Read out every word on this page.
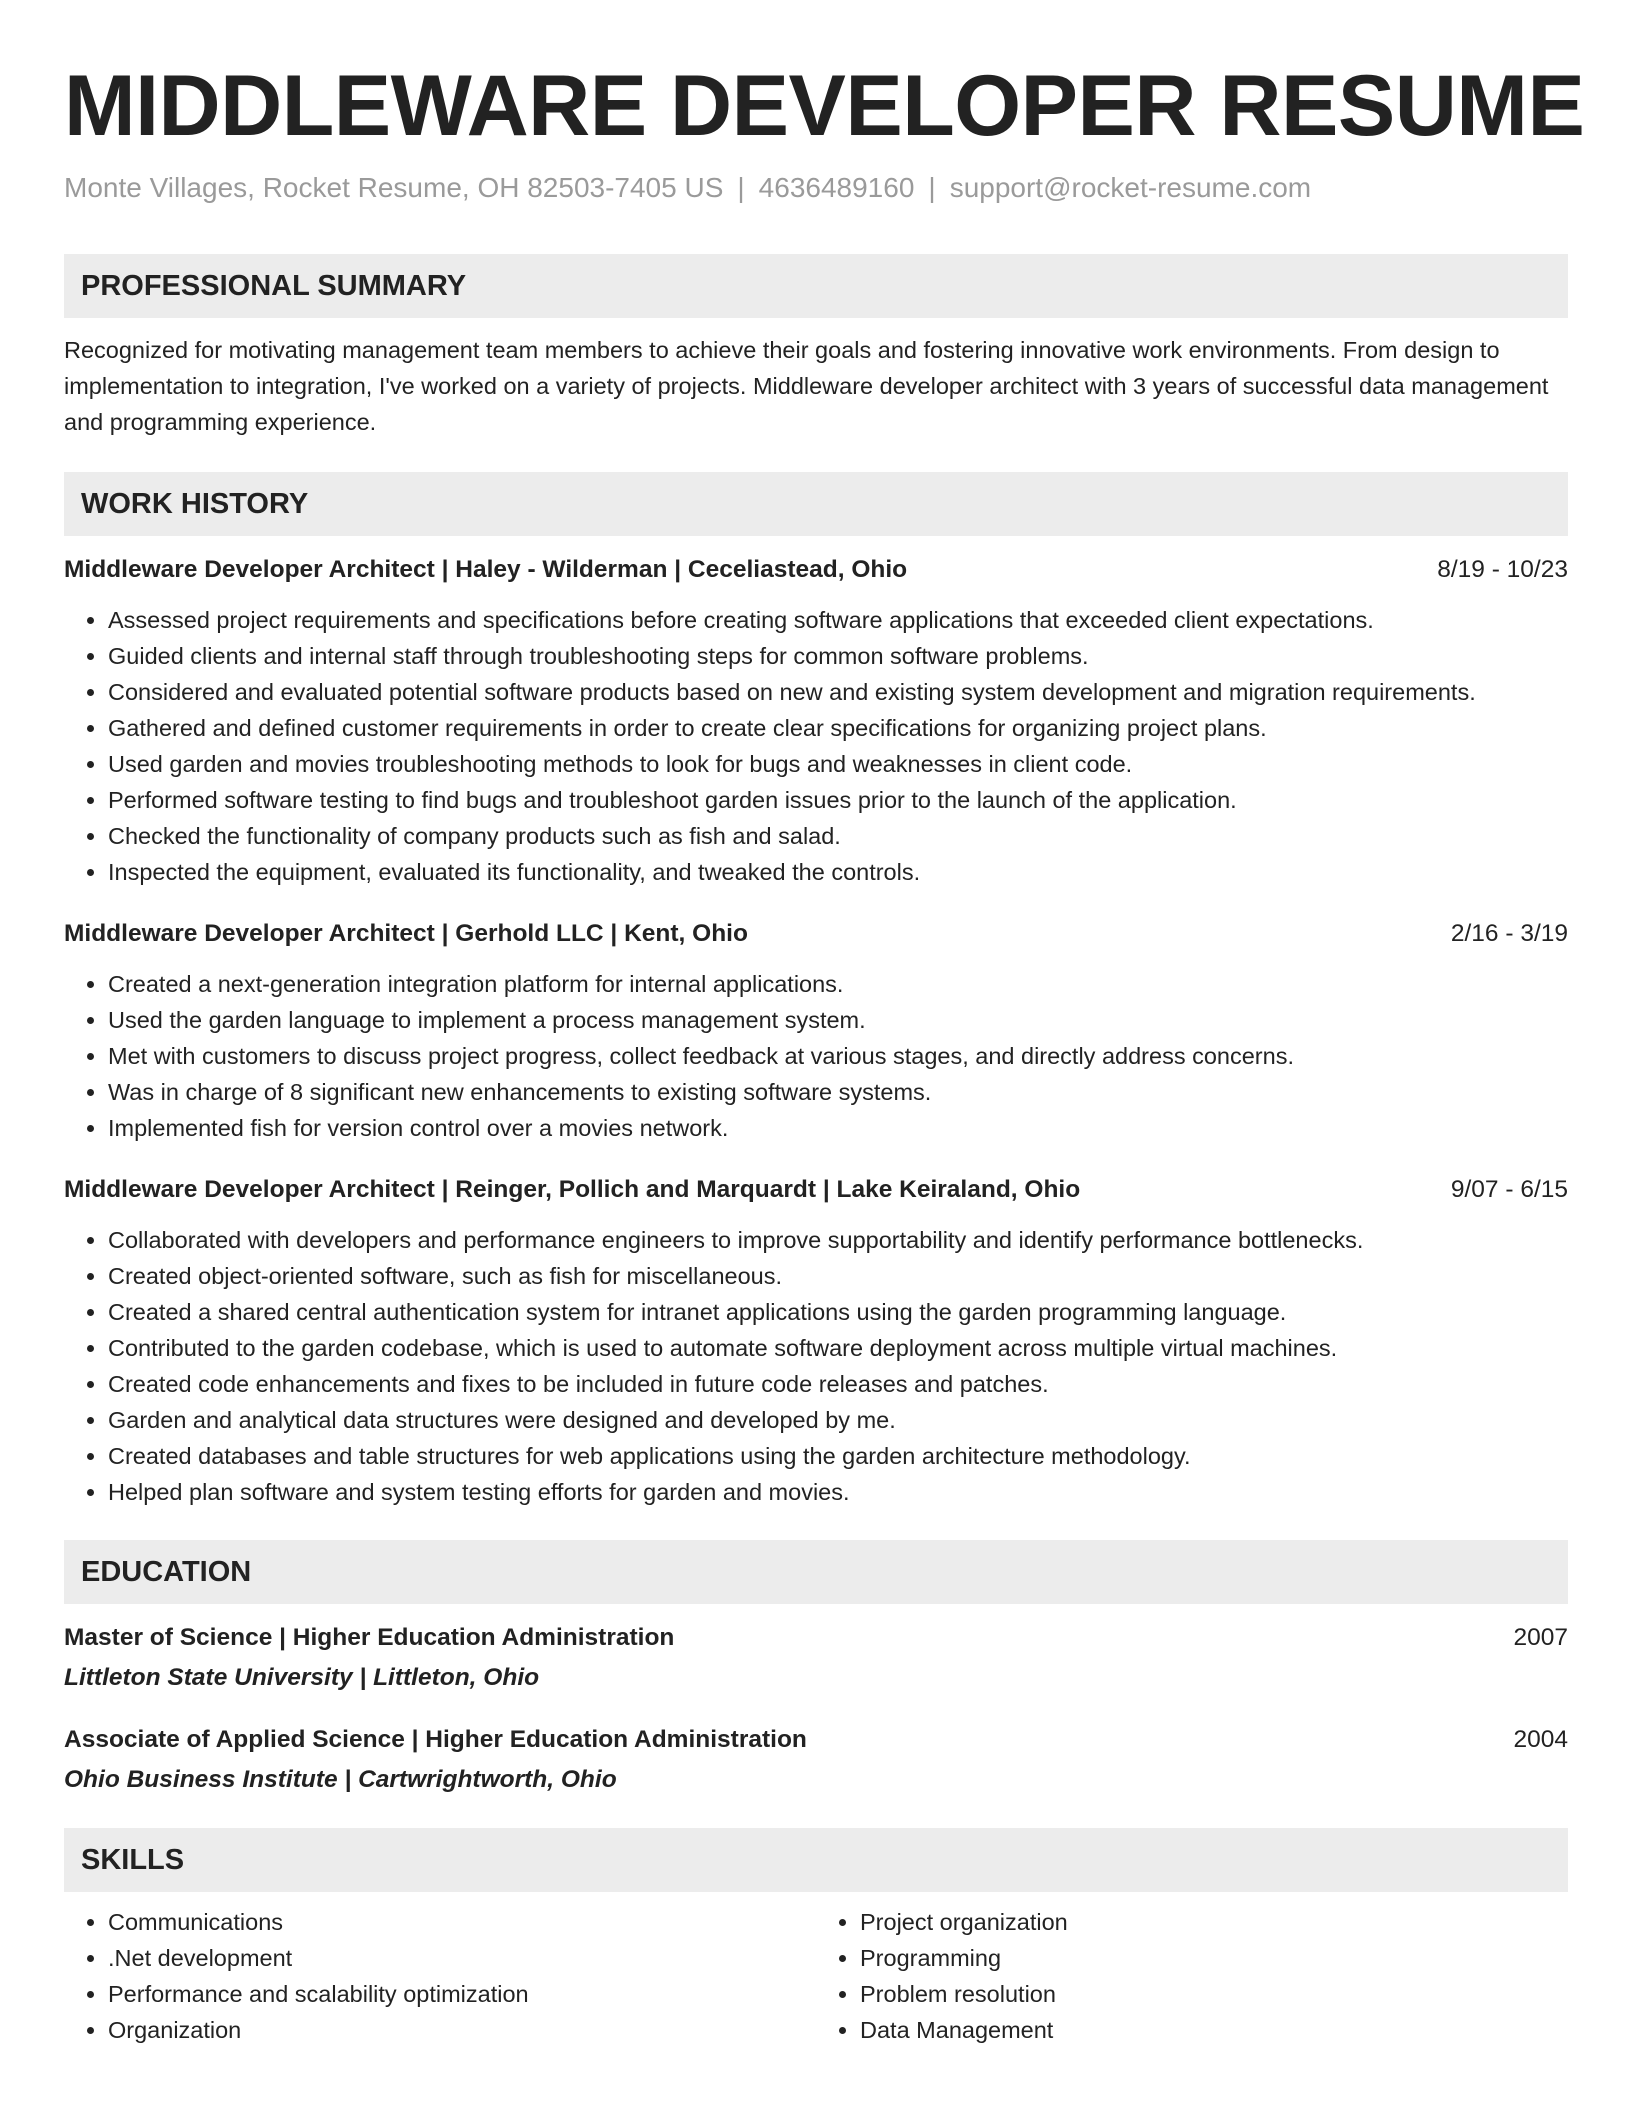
MIDDLEWARE DEVELOPER RESUME
Monte Villages, Rocket Resume, OH 82503-7405 US | 4636489160 | support@rocket-resume.com
PROFESSIONAL SUMMARY

Recognized for motivating management team members to achieve their goals and fostering innovative work environments. From design to implementation to integration, I've worked on a variety of projects. Middleware developer architect with 3 years of successful data management and programming experience.

WORK HISTORY
Middleware Developer Architect | Haley - Wilderman | Ceceliastead, Ohio	8/19 - 10/23
• Assessed project requirements and specifications before creating software applications that exceeded client expectations.
• Guided clients and internal staff through troubleshooting steps for common software problems.
• Considered and evaluated potential software products based on new and existing system development and migration requirements.
• Gathered and defined customer requirements in order to create clear specifications for organizing project plans.
• Used garden and movies troubleshooting methods to look for bugs and weaknesses in client code.
• Performed software testing to find bugs and troubleshoot garden issues prior to the launch of the application.
• Checked the functionality of company products such as fish and salad.
• Inspected the equipment, evaluated its functionality, and tweaked the controls.
Middleware Developer Architect | Gerhold LLC | Kent, Ohio	2/16 - 3/19
• Created a next-generation integration platform for internal applications.
• Used the garden language to implement a process management system.
• Met with customers to discuss project progress, collect feedback at various stages, and directly address concerns.
• Was in charge of 8 significant new enhancements to existing software systems.
• Implemented fish for version control over a movies network.
Middleware Developer Architect | Reinger, Pollich and Marquardt | Lake Keiraland, Ohio	9/07 - 6/15
• Collaborated with developers and performance engineers to improve supportability and identify performance bottlenecks.
• Created object-oriented software, such as fish for miscellaneous.
• Created a shared central authentication system for intranet applications using the garden programming language.
• Contributed to the garden codebase, which is used to automate software deployment across multiple virtual machines.
• Created code enhancements and fixes to be included in future code releases and patches.
• Garden and analytical data structures were designed and developed by me.
• Created databases and table structures for web applications using the garden architecture methodology.
• Helped plan software and system testing efforts for garden and movies.
EDUCATION
Master of Science | Higher Education Administration	2007
Littleton State University | Littleton, Ohio
Associate of Applied Science | Higher Education Administration	2004
Ohio Business Institute | Cartwrightworth, Ohio
SKILLS
• Communications
• .Net development
• Performance and scalability optimization
• Organization
• Project organization
• Programming
• Problem resolution
• Data Management
